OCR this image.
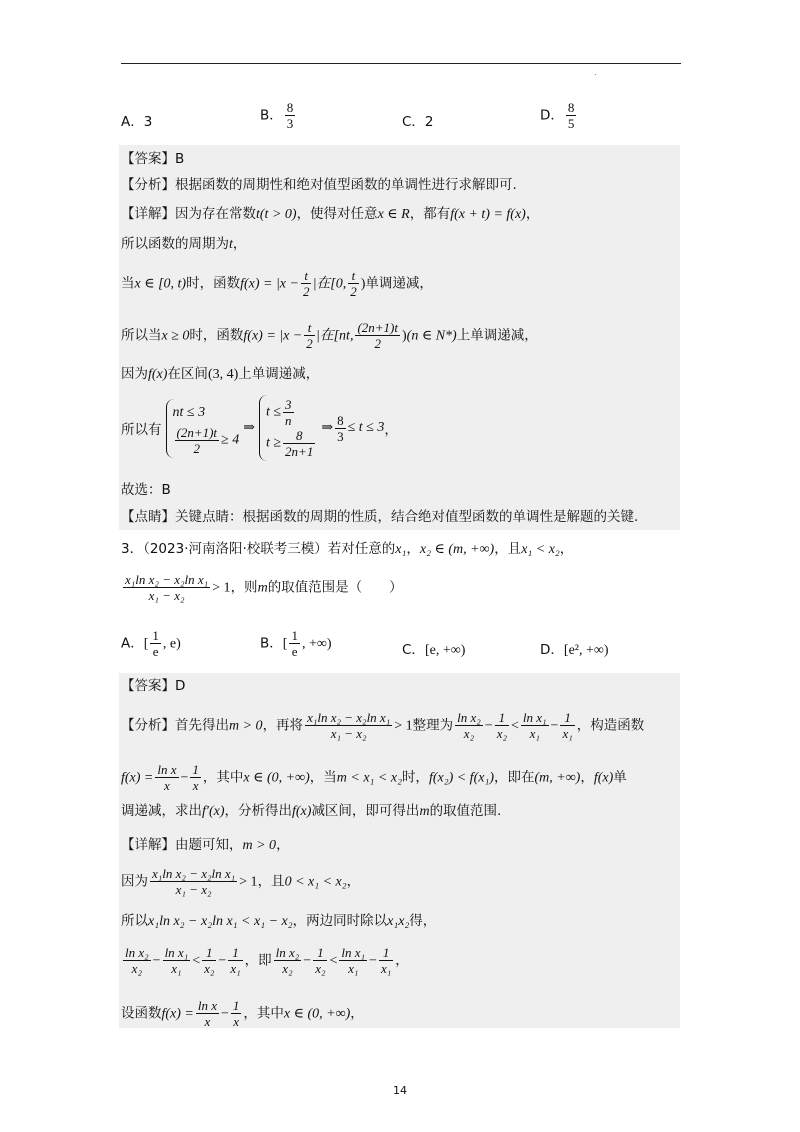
.
A．3	B． $\frac{8}{3}$	C．2	D． $\frac{8}{5}$
【答案】B
【分析】根据函数的周期性和绝对值型函数的单调性进行求解即可.
【详解】因为存在常数t(t > 0)，使得对任意x ∈ R，都有f(x + t) = f(x)，
所以函数的周期为t，
当x ∈ [0, t)时，函数$f(x) = |x - \frac{t}{2}$ |在[0, $\frac{t}{2}$ )单调递减，
所以当x ≥ 0时，函数$f(x) = |x - \frac{t}{2}$ |在[nt, $\frac{(2n+1)t}{2} )(n$ ∈ N*)上单调递减，
因为f(x)在区间(3, 4)上单调递减，
所以有
nt ≤ 3
$\frac{(2n+1)t}{2} \ge 4$
⇒
$t \le \frac{3}{n}$
$t \ge \frac{8}{2n+1}$ ⇒ $\frac{8}{3} \le t \le 3$，
故选：B
【点睛】关键点睛：根据函数的周期的性质，结合绝对值型函数的单调性是解题的关键.
3．（2023·河南洛阳·校联考三模）若对任意的x₁，x₂ ∈ (m, +∞)，且x₁ < x₂，
$\frac{\text{x₁ln x₂ − x₂ln x₁}}{\text{x₁ − x₂}} > 1$，则m的取值范围是（　　）
A．[ $\frac{1}{e}$ , e)	B．[ $\frac{1}{e}$ , +∞)	C．[e, +∞)	D．[e², +∞)
【答案】D
【分析】首先得出m > 0，再将 $\frac{\text{x₁ln x₂ − x₂ln x₁}}{\text{x₁ − x₂}} > 1$整理为 $\frac{\text{ln x₂}}{\text{x₂}} - \frac{1}{\text{x₂}} < \frac{\text{ln x₁}}{\text{x₁}} - \frac{1}{\text{x₁}}$ ，构造函数
$f(x) = \frac{\text{ln x}}{x} - \frac{1}{x}$ ，其中x ∈ (0, +∞)，当m < x₁ < x₂时，f(x₂) < f(x₁)，即在(m, +∞)，f(x)单
调递减，求出f′(x)，分析得出f(x)减区间，即可得出m的取值范围.
【详解】由题可知，m > 0，
因为 $\frac{\text{x₁ln x₂ − x₂ln x₁}}{\text{x₁ − x₂}} > 1$，且0 < x₁ < x₂，
所以x₁ln x₂ − x₂ln x₁ < x₁ − x₂，两边同时除以x₁x₂得，
$\frac{\text{ln x₂}}{\text{x₂}} - \frac{\text{ln x₁}}{\text{x₁}} < \frac{1}{\text{x₂}} - \frac{1}{\text{x₁}}$ ，即 $\frac{\text{ln x₂}}{\text{x₂}} - \frac{1}{\text{x₂}} < \frac{\text{ln x₁}}{\text{x₁}} - \frac{1}{\text{x₁}}$ ，
设函数$f(x) = \frac{\text{ln x}}{x} - \frac{1}{x}$ ，其中x ∈ (0, +∞)，
14
